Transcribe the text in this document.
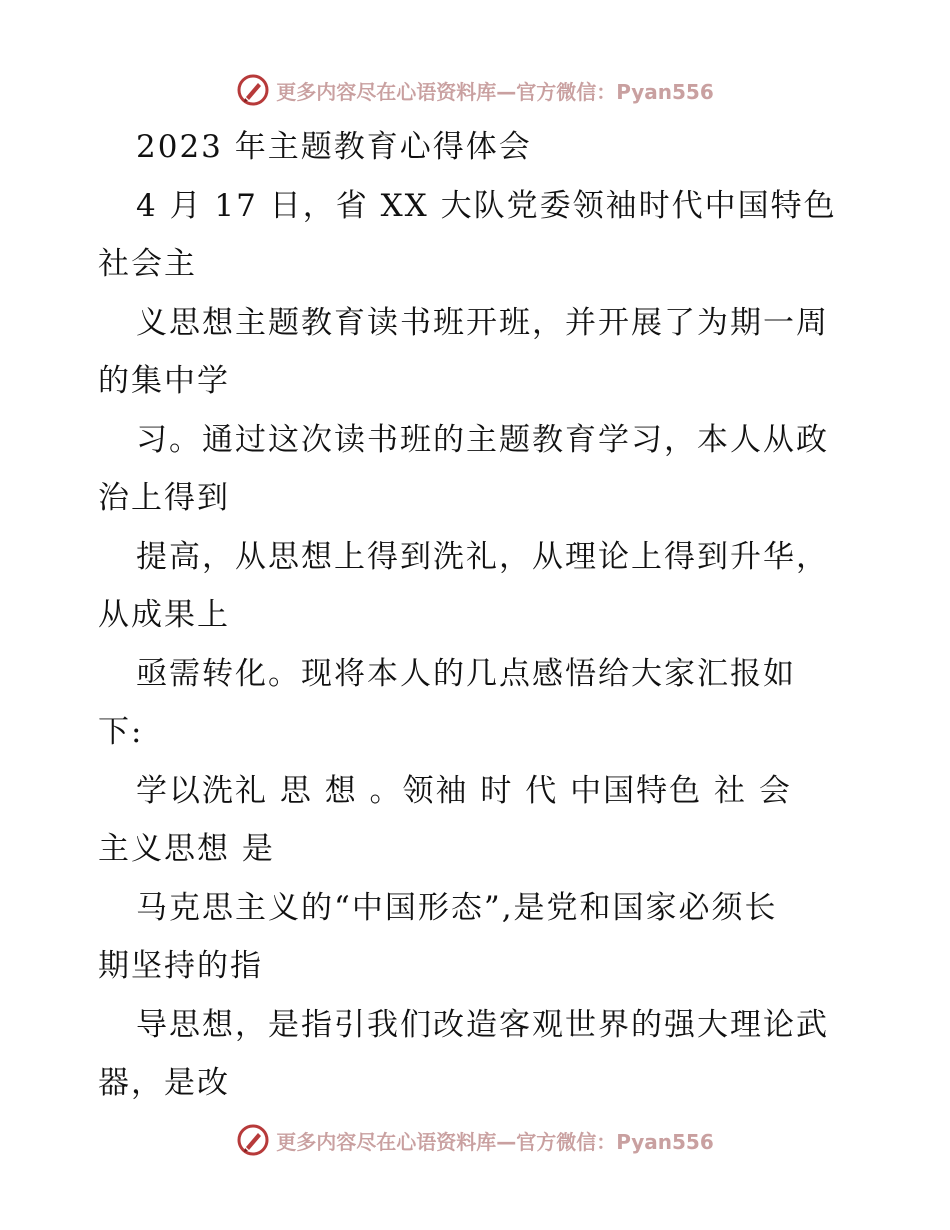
更多内容尽在心语资料库—官方微信：Pyan556
2023 年主题教育心得体会
4 月 17 日，省 XX 大队党委领袖时代中国特色
社会主
义思想主题教育读书班开班，并开展了为期一周
的集中学
习。通过这次读书班的主题教育学习，本人从政
治上得到
提高，从思想上得到洗礼，从理论上得到升华，
从成果上
亟需转化。现将本人的几点感悟给大家汇报如
下:
学以洗礼 思 想 。领袖 时 代 中国特色 社 会
主义思想 是
马克思主义的“中国形态”,是党和国家必须长
期坚持的指
导思想，是指引我们改造客观世界的强大理论武
器，是改
更多内容尽在心语资料库—官方微信：Pyan556
